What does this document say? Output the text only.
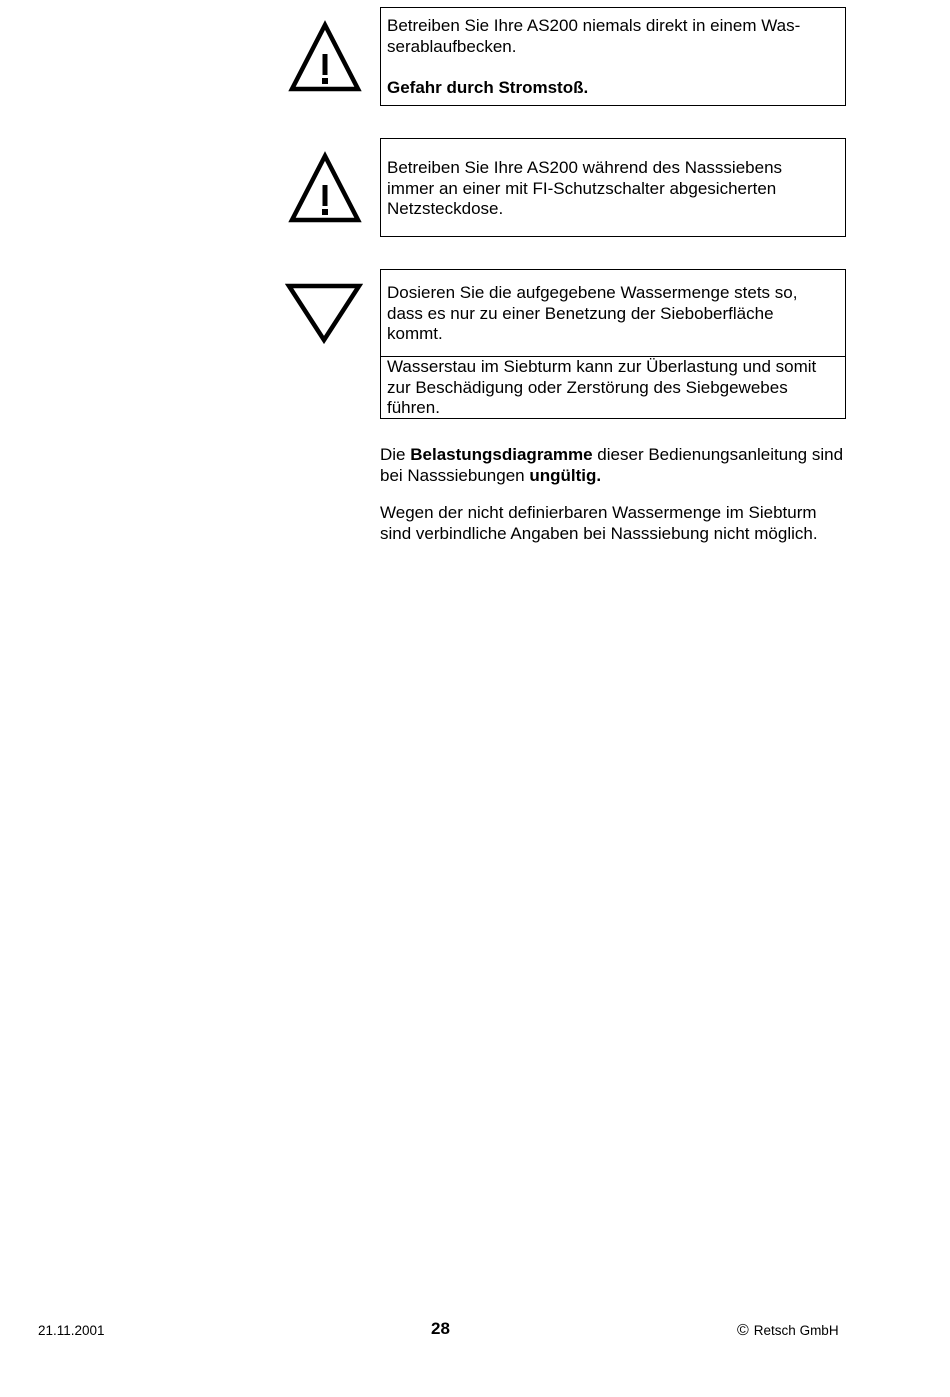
Betreiben Sie Ihre AS200 niemals direkt in einem Was-

serablaufbecken.

Gefahr durch Stromstoß.

Betreiben Sie Ihre AS200 während des Nasssiebens

immer an einer mit FI-Schutzschalter abgesicherten

Netzsteckdose.

Dosieren Sie die aufgegebene Wassermenge stets so,

dass es nur zu einer Benetzung der Sieboberfläche

kommt.

Wasserstau im Siebturm kann zur Überlastung und somit

zur Beschädigung oder Zerstörung des Siebgewebes

führen.

Die Belastungsdiagramme dieser Bedienungsanleitung sind

bei Nasssiebungen ungültig.

Wegen der nicht definierbaren Wassermenge im Siebturm

sind verbindliche Angaben bei Nasssiebung nicht möglich.

21.11.2001	28	© Retsch GmbH
